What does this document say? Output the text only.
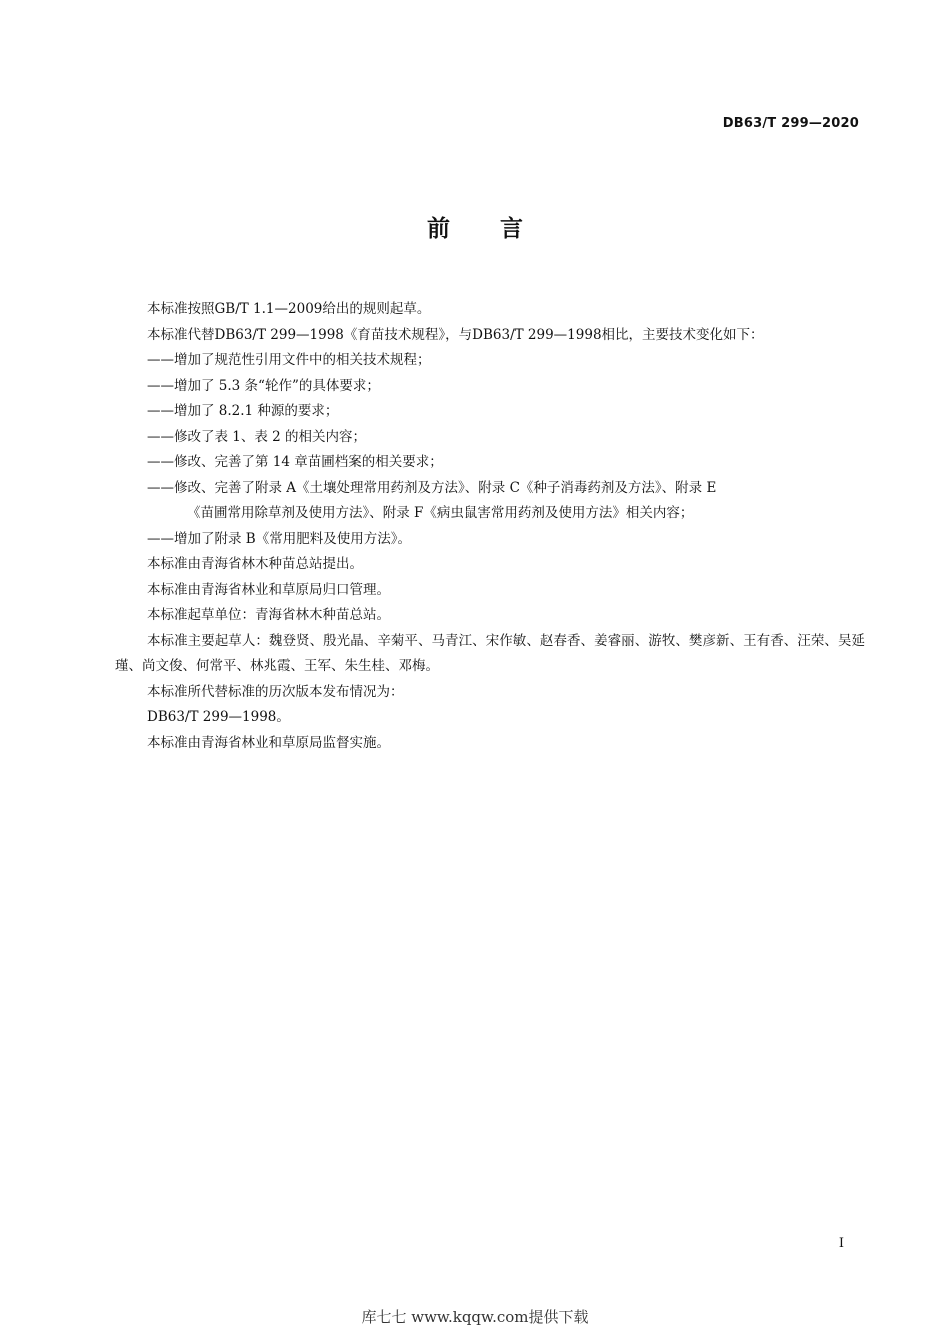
DB63/T 299—2020
前言

本标准按照GB/T 1.1—2009给出的规则起草。

本标准代替DB63/T 299—1998《育苗技术规程》，与DB63/T 299—1998相比，主要技术变化如下：

——增加了规范性引用文件中的相关技术规程；

——增加了 5.3 条“轮作”的具体要求；

——增加了 8.2.1 种源的要求；

——修改了表 1、表 2 的相关内容；

——修改、完善了第 14 章苗圃档案的相关要求；

——修改、完善了附录 A《土壤处理常用药剂及方法》、附录 C《种子消毒药剂及方法》、附录 E

《苗圃常用除草剂及使用方法》、附录 F《病虫鼠害常用药剂及使用方法》相关内容；

——增加了附录 B《常用肥料及使用方法》。

本标准由青海省林木种苗总站提出。

本标准由青海省林业和草原局归口管理。

本标准起草单位：青海省林木种苗总站。

本标准主要起草人：魏登贤、殷光晶、辛菊平、马青江、宋作敏、赵春香、姜睿丽、游牧、樊彦新、王有香、汪荣、吴延瑾、尚文俊、何常平、林兆霞、王军、朱生桂、邓梅。

本标准所代替标准的历次版本发布情况为：

DB63/T 299—1998。

本标准由青海省林业和草原局监督实施。

I
库七七 www.kqqw.com提供下载
